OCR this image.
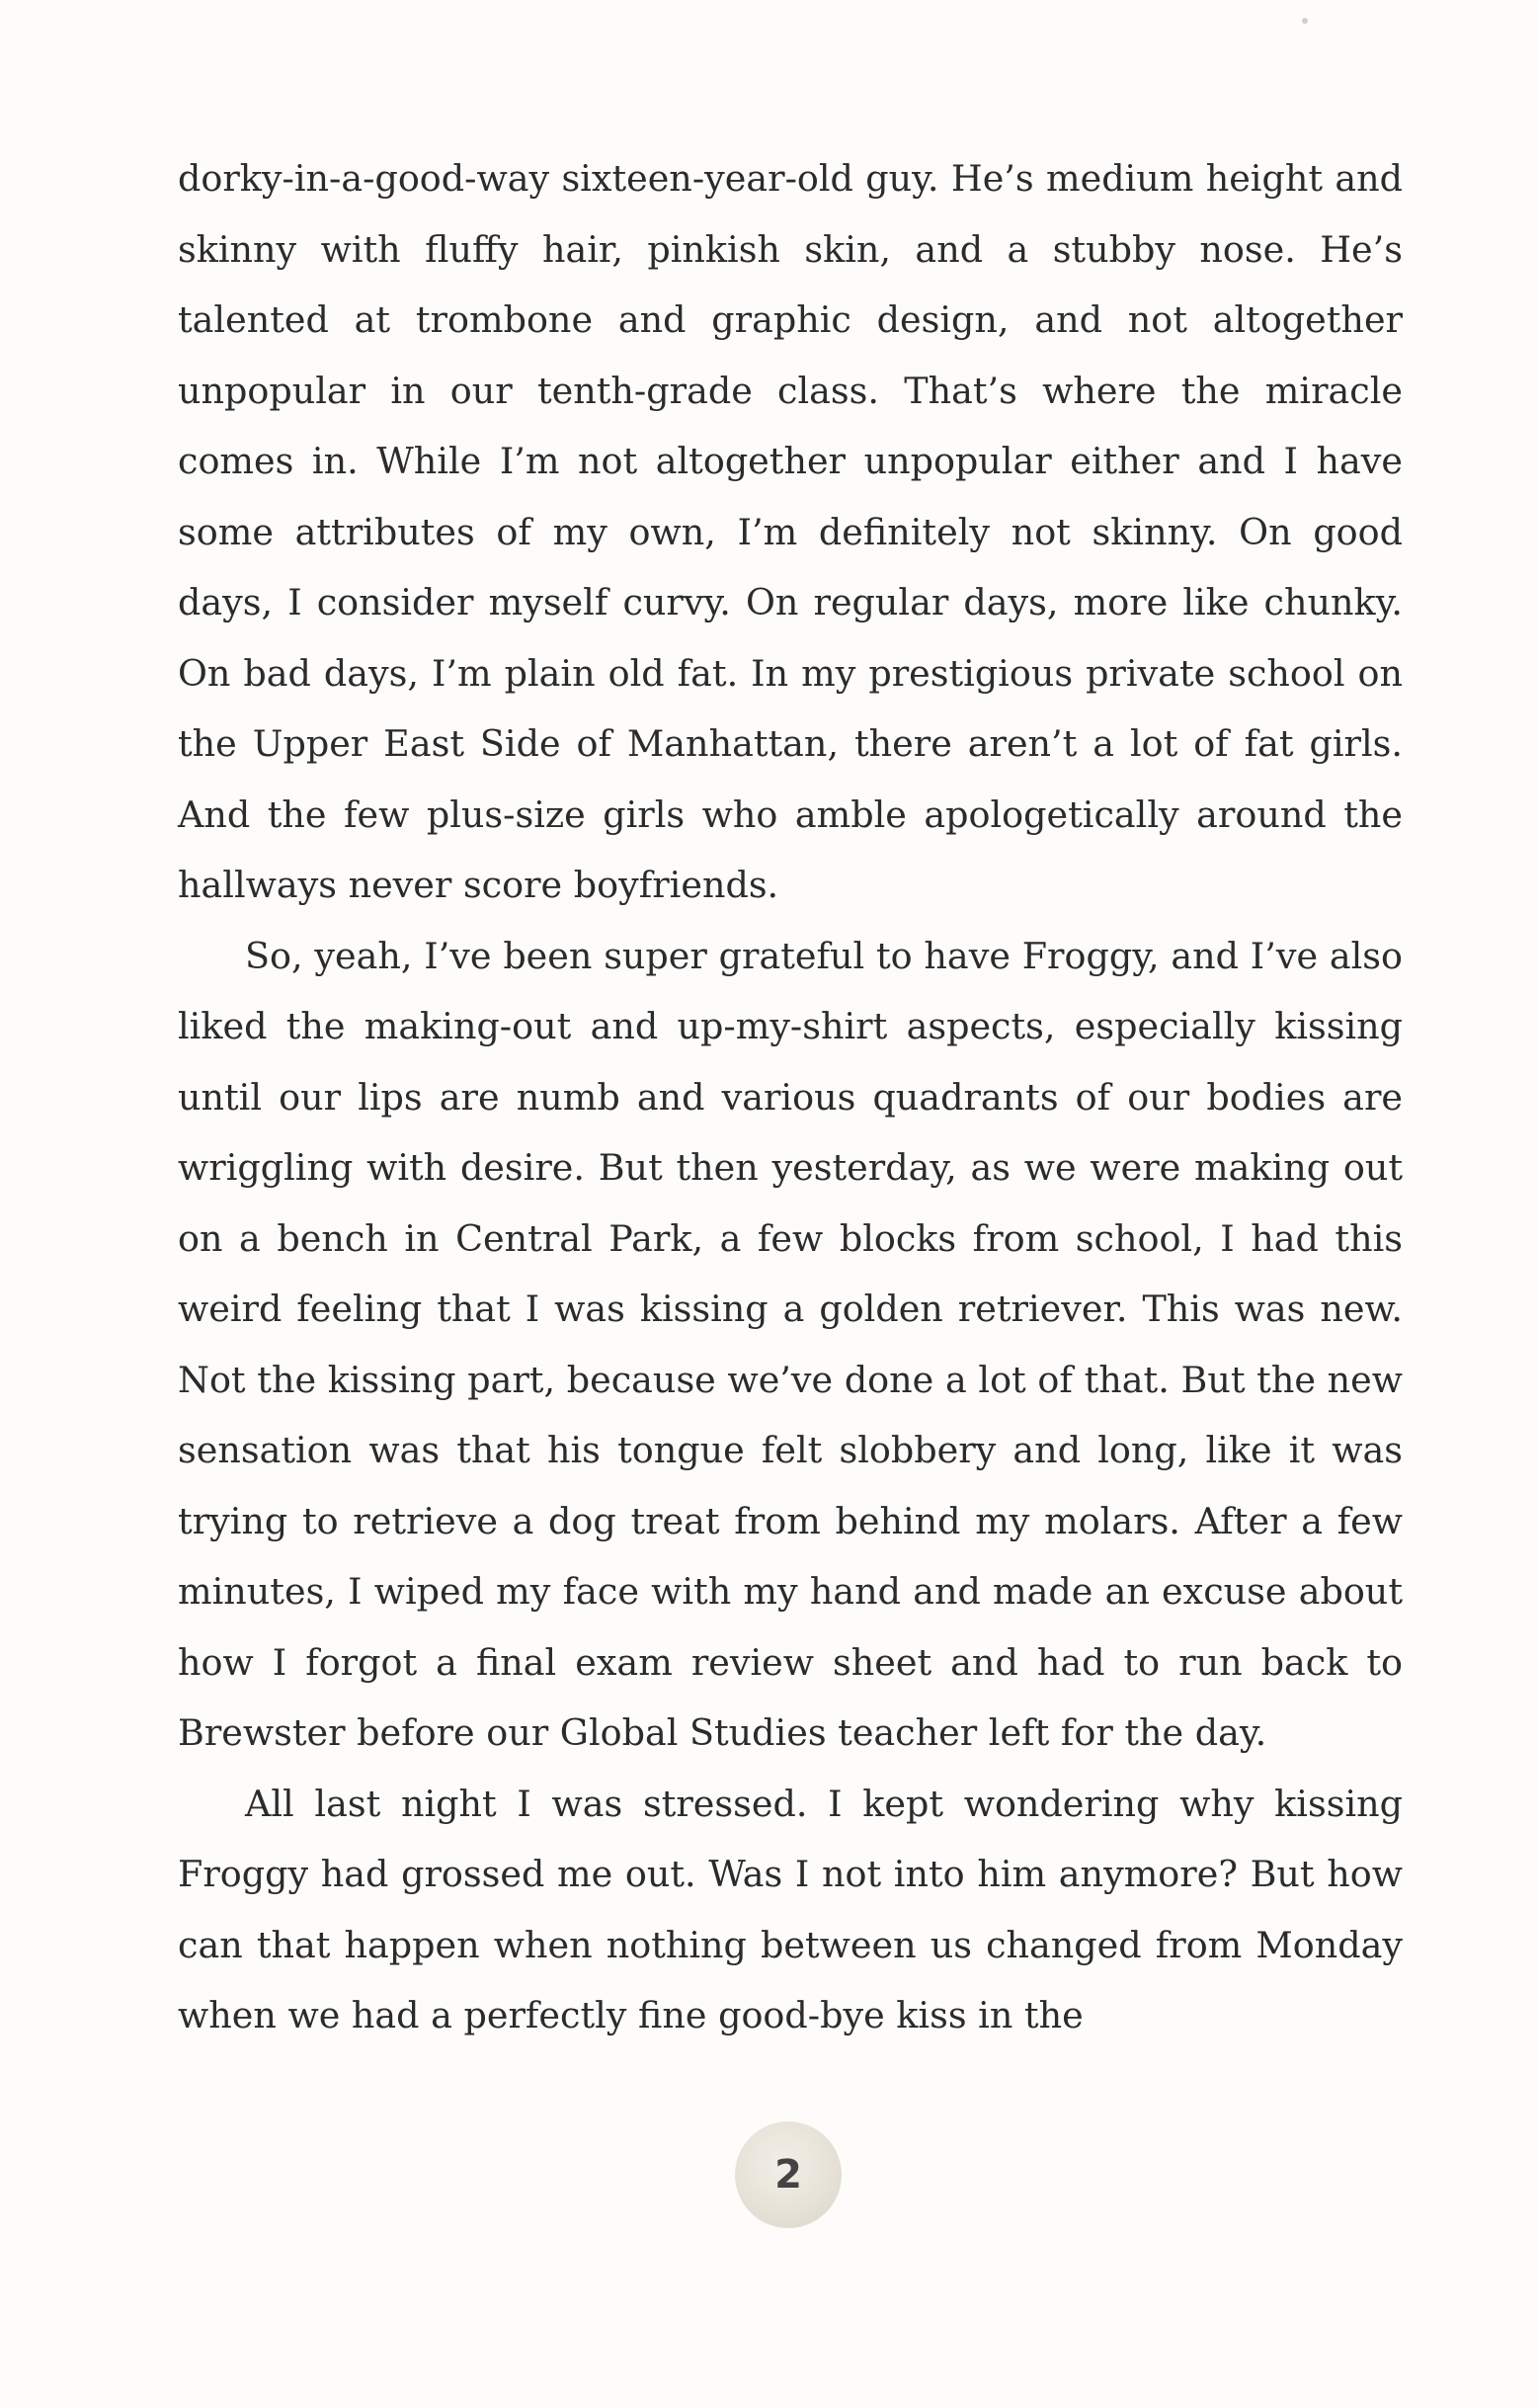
dorky-in-a-good-way sixteen-year-old guy. He’s medium height and skinny with fluffy hair, pinkish skin, and a stubby nose. He’s talented at trombone and graphic design, and not altogether unpopular in our tenth-grade class. That’s where the miracle comes in. While I’m not altogether unpopular either and I have some attributes of my own, I’m definitely not skinny. On good days, I consider myself curvy. On regular days, more like chunky. On bad days, I’m plain old fat. In my prestigious private school on the Upper East Side of Manhattan, there aren’t a lot of fat girls. And the few plus-size girls who amble apologetically around the hallways never score boyfriends.

So, yeah, I’ve been super grateful to have Froggy, and I’ve also liked the making-out and up-my-shirt aspects, especially kissing until our lips are numb and various quadrants of our bodies are wriggling with desire. But then yesterday, as we were making out on a bench in Central Park, a few blocks from school, I had this weird feeling that I was kissing a golden retriever. This was new. Not the kissing part, because we’ve done a lot of that. But the new sensation was that his tongue felt slobbery and long, like it was trying to retrieve a dog treat from behind my molars. After a few minutes, I wiped my face with my hand and made an excuse about how I forgot a final exam review sheet and had to run back to Brewster before our Global Studies teacher left for the day.

All last night I was stressed. I kept wondering why kissing Froggy had grossed me out. Was I not into him anymore? But how can that happen when nothing between us changed from Monday when we had a perfectly fine good-bye kiss in the

2
